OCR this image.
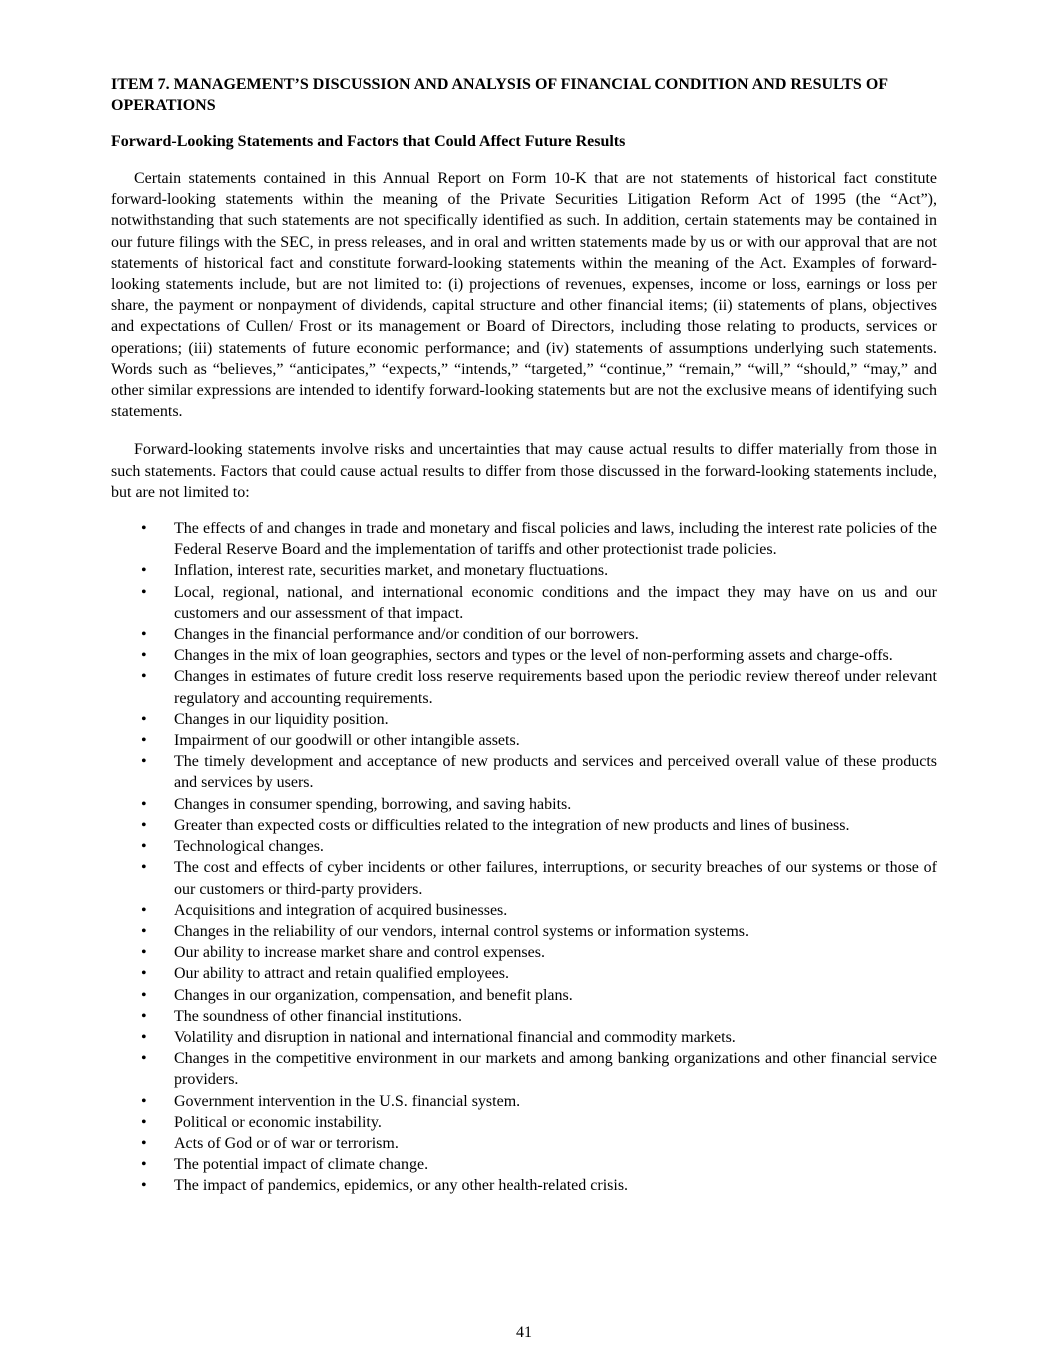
ITEM 7. MANAGEMENT’S DISCUSSION AND ANALYSIS OF FINANCIAL CONDITION AND RESULTS OF OPERATIONS
Forward-Looking Statements and Factors that Could Affect Future Results

Certain statements contained in this Annual Report on Form 10-K that are not statements of historical fact constitute forward-looking statements within the meaning of the Private Securities Litigation Reform Act of 1995 (the “Act”), notwithstanding that such statements are not specifically identified as such. In addition, certain statements may be contained in our future filings with the SEC, in press releases, and in oral and written statements made by us or with our approval that are not statements of historical fact and constitute forward-looking statements within the meaning of the Act. Examples of forward-looking statements include, but are not limited to: (i) projections of revenues, expenses, income or loss, earnings or loss per share, the payment or nonpayment of dividends, capital structure and other financial items; (ii) statements of plans, objectives and expectations of Cullen/ Frost or its management or Board of Directors, including those relating to products, services or operations; (iii) statements of future economic performance; and (iv) statements of assumptions underlying such statements. Words such as “believes,” “anticipates,” “expects,” “intends,” “targeted,” “continue,” “remain,” “will,” “should,” “may,” and other similar expressions are intended to identify forward-looking statements but are not the exclusive means of identifying such statements.

Forward-looking statements involve risks and uncertainties that may cause actual results to differ materially from those in such statements. Factors that could cause actual results to differ from those discussed in the forward-looking statements include, but are not limited to:

• The effects of and changes in trade and monetary and fiscal policies and laws, including the interest rate policies of the Federal Reserve Board and the implementation of tariffs and other protectionist trade policies.
• Inflation, interest rate, securities market, and monetary fluctuations.
• Local, regional, national, and international economic conditions and the impact they may have on us and our customers and our assessment of that impact.
• Changes in the financial performance and/or condition of our borrowers.
• Changes in the mix of loan geographies, sectors and types or the level of non-performing assets and charge-offs.
• Changes in estimates of future credit loss reserve requirements based upon the periodic review thereof under relevant regulatory and accounting requirements.
• Changes in our liquidity position.
• Impairment of our goodwill or other intangible assets.
• The timely development and acceptance of new products and services and perceived overall value of these products and services by users.
• Changes in consumer spending, borrowing, and saving habits.
• Greater than expected costs or difficulties related to the integration of new products and lines of business.
• Technological changes.
• The cost and effects of cyber incidents or other failures, interruptions, or security breaches of our systems or those of our customers or third-party providers.
• Acquisitions and integration of acquired businesses.
• Changes in the reliability of our vendors, internal control systems or information systems.
• Our ability to increase market share and control expenses.
• Our ability to attract and retain qualified employees.
• Changes in our organization, compensation, and benefit plans.
• The soundness of other financial institutions.
• Volatility and disruption in national and international financial and commodity markets.
• Changes in the competitive environment in our markets and among banking organizations and other financial service providers.
• Government intervention in the U.S. financial system.
• Political or economic instability.
• Acts of God or of war or terrorism.
• The potential impact of climate change.
• The impact of pandemics, epidemics, or any other health-related crisis.
41
